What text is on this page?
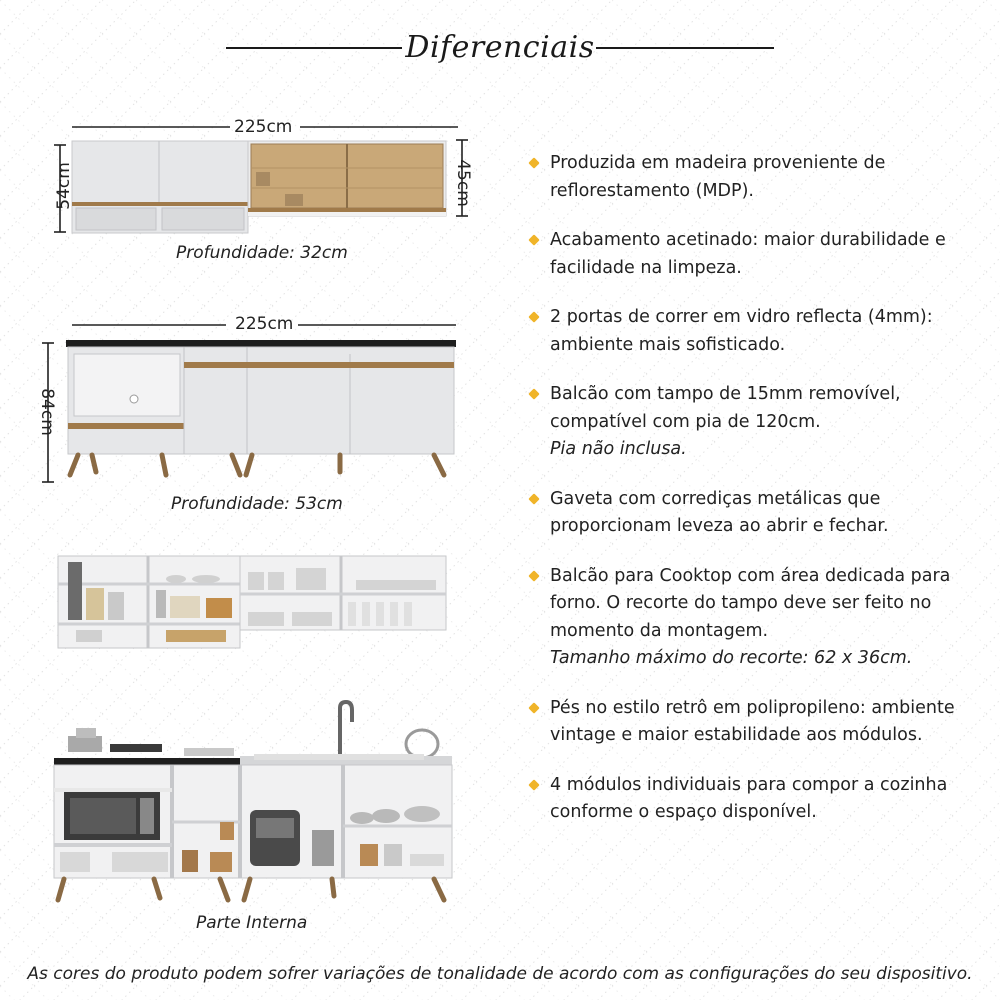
Diferenciais
225cm
54cm	45cm
Profundidade: 32cm
225cm
84cm
Profundidade: 53cm
Parte Interna
Produzida em madeira proveniente de reflorestamento (MDP).
Acabamento acetinado: maior durabilidade e facilidade na limpeza.
2 portas de correr em vidro reflecta (4mm): ambiente mais sofisticado.
Balcão com tampo de 15mm removível, compatível com pia de 120cm.
Pia não inclusa.
Gaveta com corrediças metálicas que proporcionam leveza ao abrir e fechar.
Balcão para Cooktop com área dedicada para forno. O recorte do tampo deve ser feito no momento da montagem.
Tamanho máximo do recorte: 62 x 36cm.
Pés no estilo retrô em polipropileno: ambiente vintage e maior estabilidade aos módulos.
4 módulos individuais para compor a cozinha conforme o espaço disponível.
As cores do produto podem sofrer variações de tonalidade de acordo com as configurações do seu dispositivo.
